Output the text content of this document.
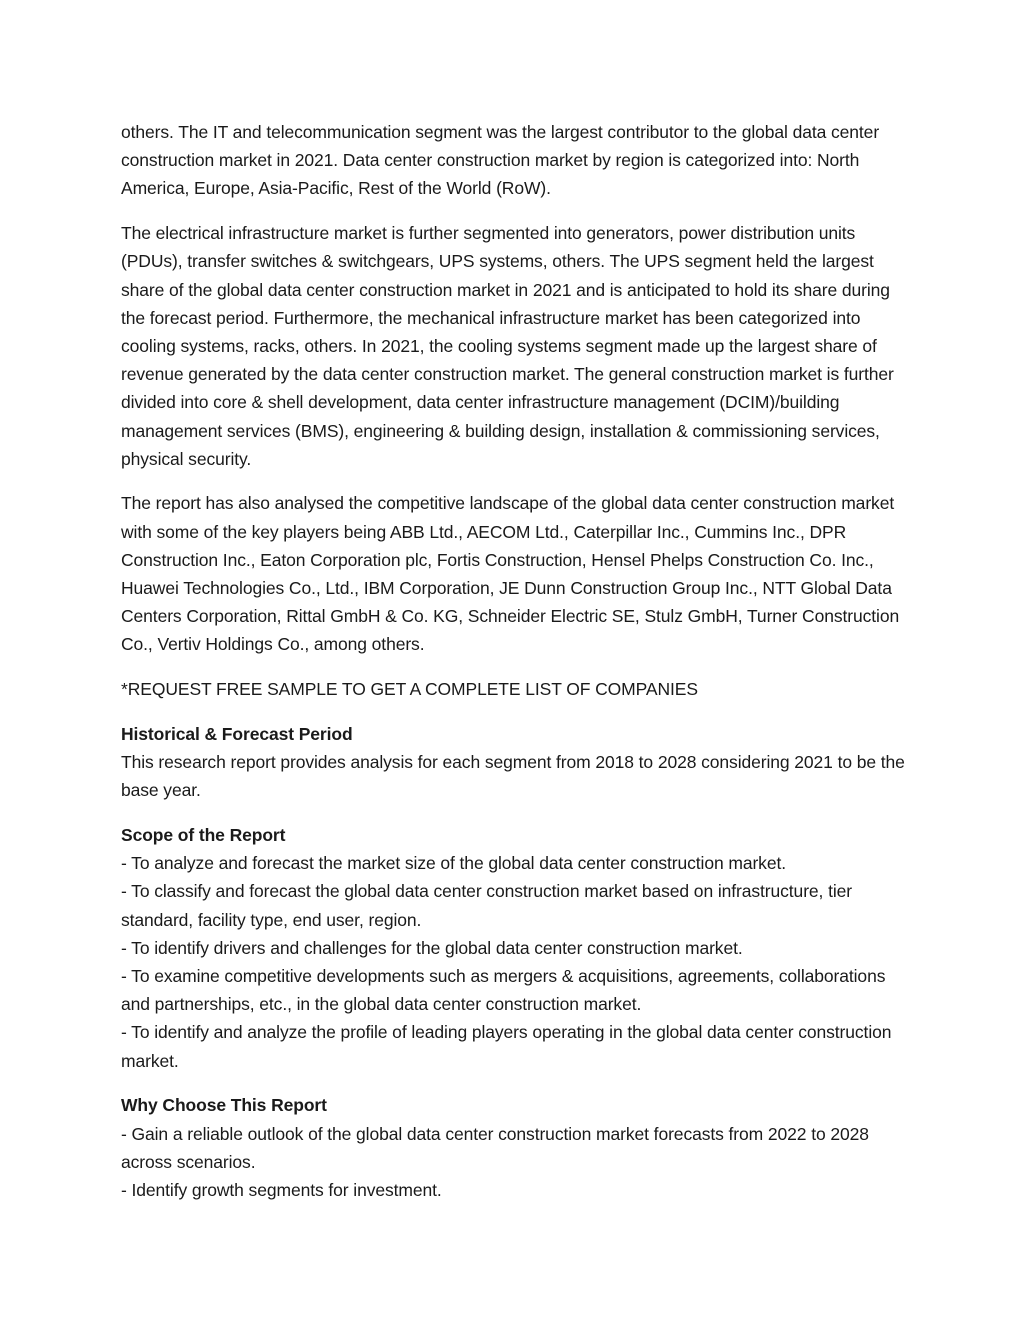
others. The IT and telecommunication segment was the largest contributor to the global data center construction market in 2021. Data center construction market by region is categorized into: North America, Europe, Asia-Pacific, Rest of the World (RoW).

The electrical infrastructure market is further segmented into generators, power distribution units (PDUs), transfer switches & switchgears, UPS systems, others. The UPS segment held the largest share of the global data center construction market in 2021 and is anticipated to hold its share during the forecast period. Furthermore, the mechanical infrastructure market has been categorized into cooling systems, racks, others. In 2021, the cooling systems segment made up the largest share of revenue generated by the data center construction market. The general construction market is further divided into core & shell development, data center infrastructure management (DCIM)/building management services (BMS), engineering & building design, installation & commissioning services, physical security.

The report has also analysed the competitive landscape of the global data center construction market with some of the key players being ABB Ltd., AECOM Ltd., Caterpillar Inc., Cummins Inc., DPR Construction Inc., Eaton Corporation plc, Fortis Construction, Hensel Phelps Construction Co. Inc., Huawei Technologies Co., Ltd., IBM Corporation, JE Dunn Construction Group Inc., NTT Global Data Centers Corporation, Rittal GmbH & Co. KG, Schneider Electric SE, Stulz GmbH, Turner Construction Co., Vertiv Holdings Co., among others.

*REQUEST FREE SAMPLE TO GET A COMPLETE LIST OF COMPANIES

Historical & Forecast Period
This research report provides analysis for each segment from 2018 to 2028 considering 2021 to be the base year.

Scope of the Report
- To analyze and forecast the market size of the global data center construction market.
- To classify and forecast the global data center construction market based on infrastructure, tier standard, facility type, end user, region.
- To identify drivers and challenges for the global data center construction market.
- To examine competitive developments such as mergers & acquisitions, agreements, collaborations and partnerships, etc., in the global data center construction market.
- To identify and analyze the profile of leading players operating in the global data center construction market.

Why Choose This Report
- Gain a reliable outlook of the global data center construction market forecasts from 2022 to 2028 across scenarios.
- Identify growth segments for investment.
